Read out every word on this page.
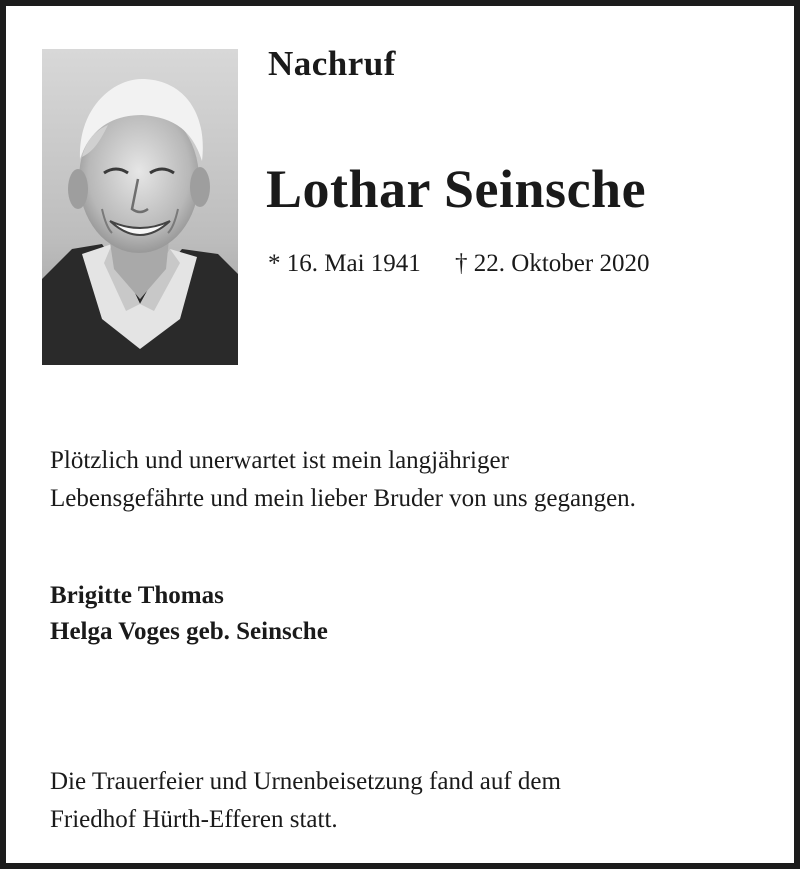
Nachruf
Lothar Seinsche
* 16. Mai 1941 † 22. Oktober 2020

Plötzlich und unerwartet ist mein langjähriger

Lebensgefährte und mein lieber Bruder von uns gegangen.

Brigitte Thomas
Helga Voges geb. Seinsche

Die Trauerfeier und Urnenbeisetzung fand auf dem

Friedhof Hürth-Efferen statt.
